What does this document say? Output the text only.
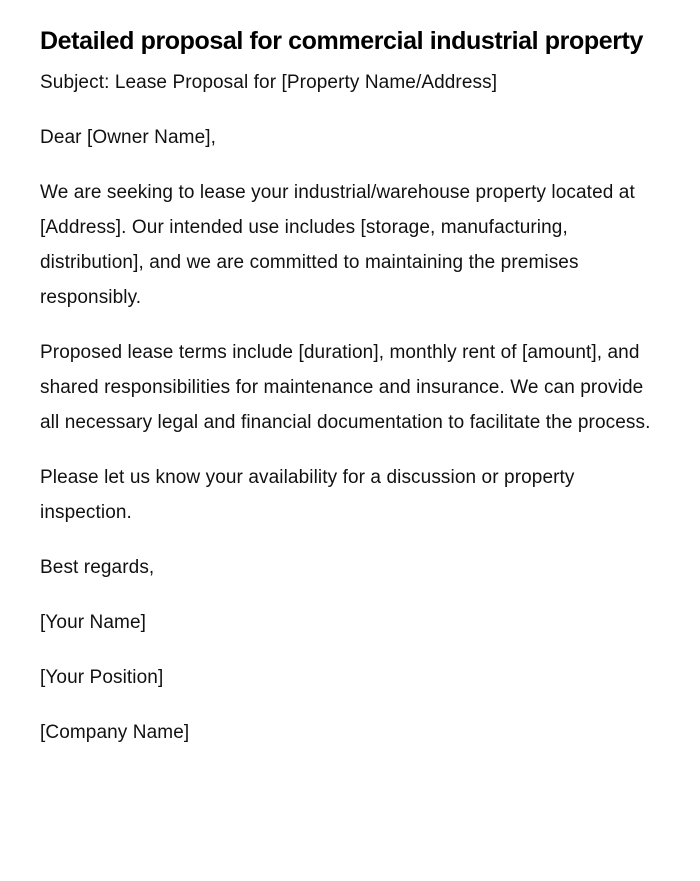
Detailed proposal for commercial industrial property

Subject: Lease Proposal for [Property Name/Address]

Dear [Owner Name],

We are seeking to lease your industrial/warehouse property located at [Address]. Our intended use includes [storage, manufacturing, distribution], and we are committed to maintaining the premises responsibly.

Proposed lease terms include [duration], monthly rent of [amount], and shared responsibilities for maintenance and insurance. We can provide all necessary legal and financial documentation to facilitate the process.

Please let us know your availability for a discussion or property inspection.

Best regards,

[Your Name]

[Your Position]

[Company Name]
